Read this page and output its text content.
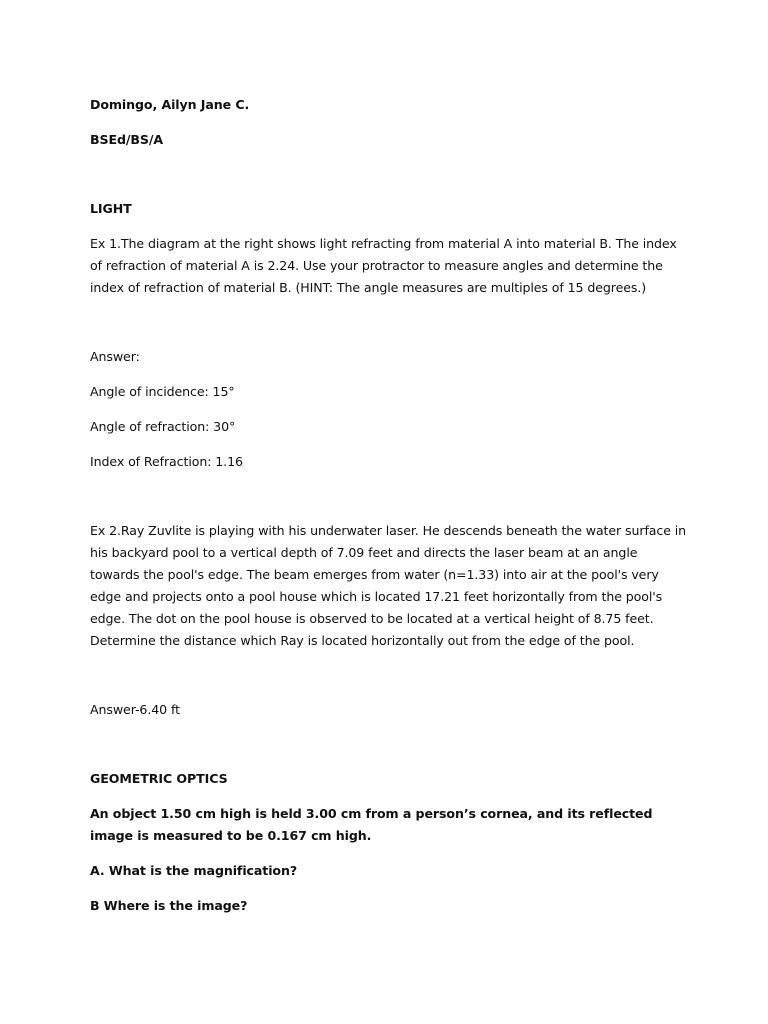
Domingo, Ailyn Jane C.

BSEd/BS/A

LIGHT

Ex 1.The diagram at the right shows light refracting from material A into material B. The index of refraction of material A is 2.24. Use your protractor to measure angles and determine the index of refraction of material B. (HINT: The angle measures are multiples of 15 degrees.)

Answer:

Angle of incidence: 15°

Angle of refraction: 30°

Index of Refraction: 1.16

Ex 2.Ray Zuvlite is playing with his underwater laser. He descends beneath the water surface in his backyard pool to a vertical depth of 7.09 feet and directs the laser beam at an angle towards the pool's edge. The beam emerges from water (n=1.33) into air at the pool's very edge and projects onto a pool house which is located 17.21 feet horizontally from the pool's edge. The dot on the pool house is observed to be located at a vertical height of 8.75 feet. Determine the distance which Ray is located horizontally out from the edge of the pool.

Answer-6.40 ft

GEOMETRIC OPTICS

An object 1.50 cm high is held 3.00 cm from a person’s cornea, and its reflected image is measured to be 0.167 cm high.

A. What is the magnification?

B Where is the image?
